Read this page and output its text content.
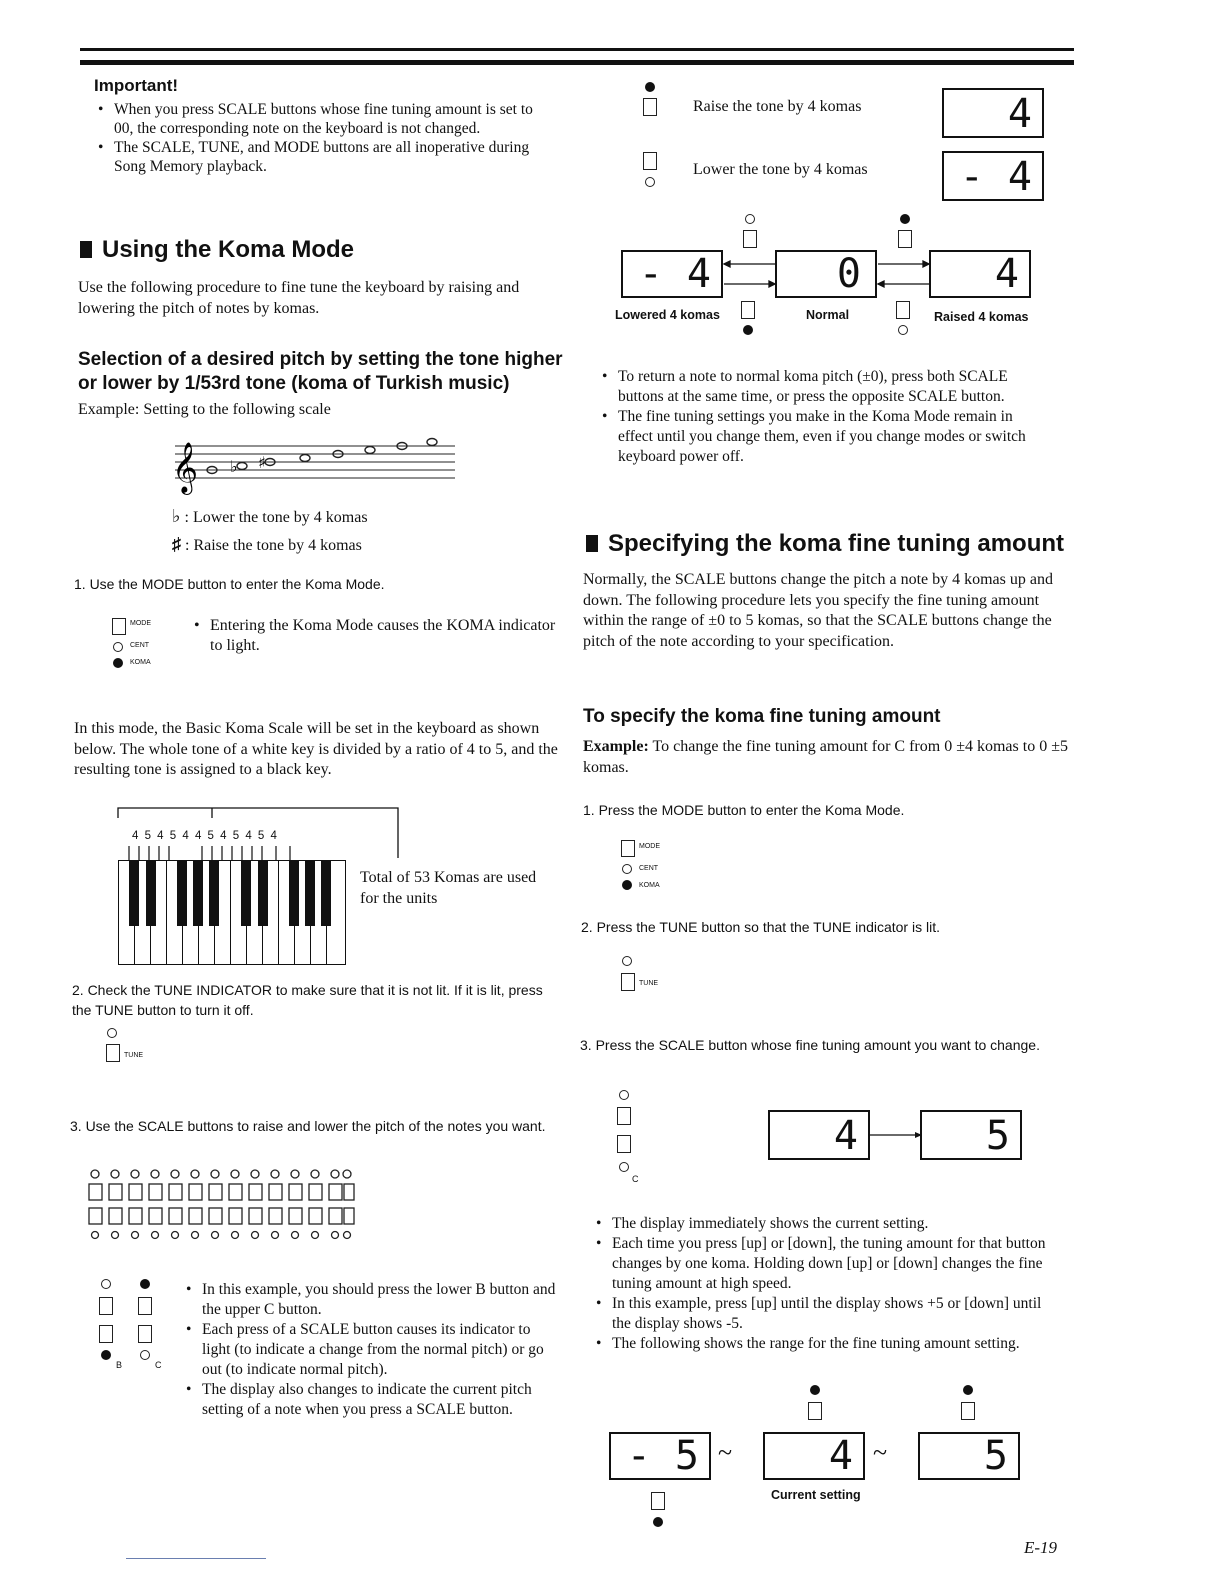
Important!
• When you press SCALE buttons whose fine tuning amount is set to 00, the corresponding note on the keyboard is not changed.
• The SCALE, TUNE, and MODE buttons are all inoperative during Song Memory playback.
Using the Koma Mode
Use the following procedure to fine tune the keyboard by raising and lowering the pitch of notes by komas.
Selection of a desired pitch by setting the tone higher
or lower by 1/53rd tone (koma of Turkish music)
Example: Setting to the following scale
𝄞 ♭ ♯
♭ : Lower the tone by 4 komas
♯ : Raise the tone by 4 komas
1. Use the MODE button to enter the Koma Mode.
MODE
CENT
KOMA
• Entering the Koma Mode causes the KOMA indicator to light.
In this mode, the Basic Koma Scale will be set in the keyboard as shown below. The whole tone of a white key is divided by a ratio of 4 to 5, and the resulting tone is assigned to a black key.
4 5 4 5 4 4 5 4 5 4 5 4
Total of 53 Komas are used for the units
2. Check the TUNE INDICATOR to make sure that it is not lit. If it is lit, press the TUNE button to turn it off.
TUNE
3. Use the SCALE buttons to raise and lower the pitch of the notes you want.
B	C
• In this example, you should press the lower B button and the upper C button.
• Each press of a SCALE button causes its indicator to light (to indicate a change from the normal pitch) or go out (to indicate normal pitch).
• The display also changes to indicate the current pitch setting of a note when you press a SCALE button.
Raise the tone by 4 komas
Lower the tone by 4 komas
4
- 4
- 4	0	4
Lowered 4 komas	Normal	Raised 4 komas
• To return a note to normal koma pitch (±0), press both SCALE buttons at the same time, or press the opposite SCALE button.
• The fine tuning settings you make in the Koma Mode remain in effect until you change them, even if you change modes or switch keyboard power off.
Specifying the koma fine tuning amount
Normally, the SCALE buttons change the pitch a note by 4 komas up and down. The following procedure lets you specify the fine tuning amount within the range of ±0 to 5 komas, so that the SCALE buttons change the pitch of the note according to your specification.
To specify the koma fine tuning amount
Example: To change the fine tuning amount for C from 0 ±4 komas to 0 ±5 komas.
1. Press the MODE button to enter the Koma Mode.
MODE
CENT
KOMA
2. Press the TUNE button so that the TUNE indicator is lit.
TUNE
3. Press the SCALE button whose fine tuning amount you want to change.
C
4	5
• The display immediately shows the current setting.
• Each time you press [up] or [down], the tuning amount for that button changes by one koma. Holding down [up] or [down] changes the fine tuning amount at high speed.
• In this example, press [up] until the display shows +5 or [down] until the display shows -5.
• The following shows the range for the fine tuning amount setting.
- 5 ~ 4 ~ 5
Current setting
E-19
